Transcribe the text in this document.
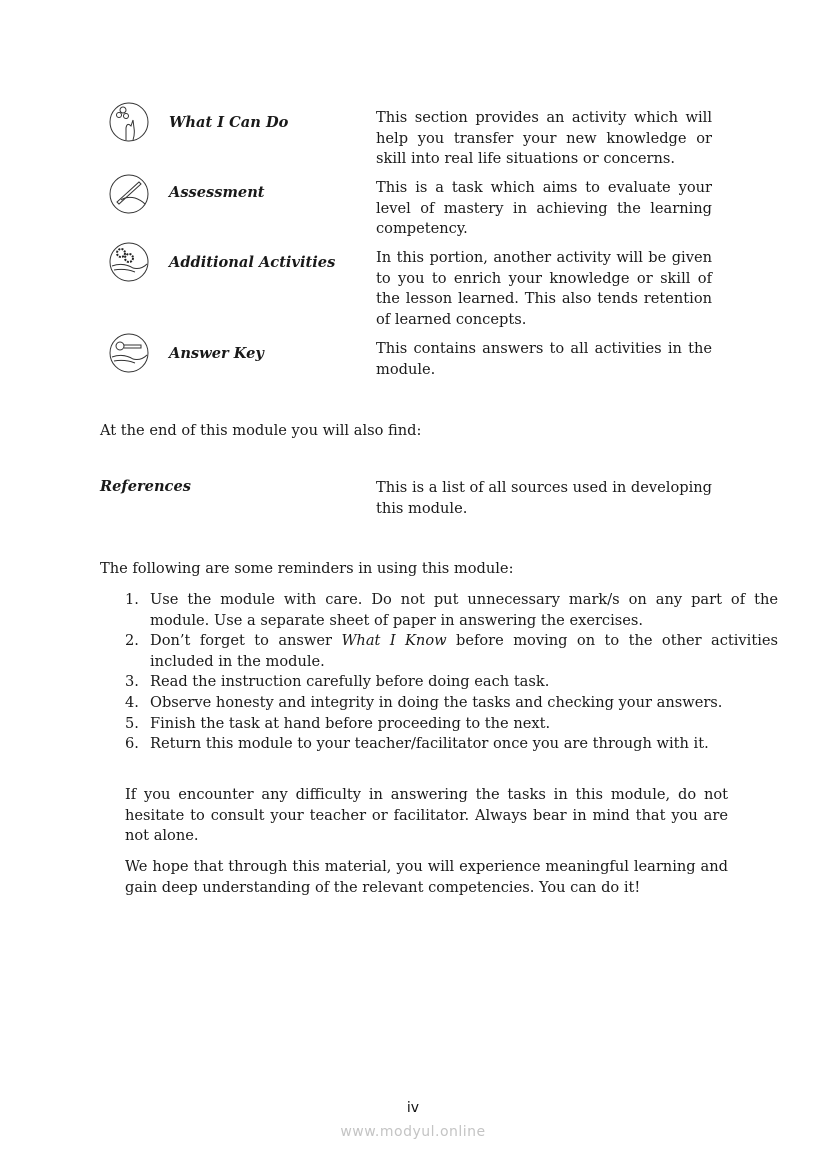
What I Can Do	This section provides an activity which will help you transfer your new knowledge or skill into real life situations or concerns.
Assessment	This is a task which aims to evaluate your level of mastery in achieving the learning competency.
Additional Activities	In this portion, another activity will be given to you to enrich your knowledge or skill of the lesson learned. This also tends retention of learned concepts.
Answer Key	This contains answers to all activities in the module.
At the end of this module you will also find:
References	This is a list of all sources used in developing this module.
The following are some reminders in using this module:
1. Use the module with care. Do not put unnecessary mark/s on any part of the module. Use a separate sheet of paper in answering the exercises.
2. Don’t forget to answer What I Know before moving on to the other activities included in the module.
3. Read the instruction carefully before doing each task.
4. Observe honesty and integrity in doing the tasks and checking your answers.
5. Finish the task at hand before proceeding to the next.
6. Return this module to your teacher/facilitator once you are through with it.
If you encounter any difficulty in answering the tasks in this module, do not hesitate to consult your teacher or facilitator. Always bear in mind that you are not alone.
We hope that through this material, you will experience meaningful learning and gain deep understanding of the relevant competencies. You can do it!
iv
www.modyul.online
